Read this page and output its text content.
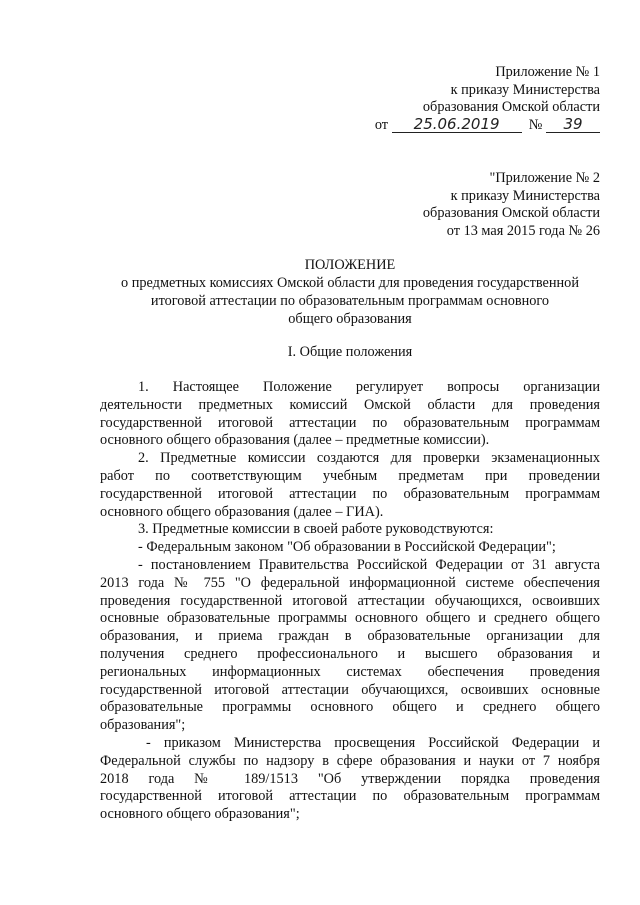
Приложение № 1
к приказу Министерства
образования Омской области
от 25.06.2019 № 39
"Приложение № 2
к приказу Министерства
образования Омской области
от 13 мая 2015 года № 26
ПОЛОЖЕНИЕ
о предметных комиссиях Омской области для проведения государственной
итоговой аттестации по образовательным программам основного
общего образования
I. Общие положения
1. Настоящее Положение регулирует вопросы организации
деятельности предметных комиссий Омской области для проведения
государственной итоговой аттестации по образовательным программам
основного общего образования (далее – предметные комиссии).
2. Предметные комиссии создаются для проверки экзаменационных
работ по соответствующим учебным предметам при проведении
государственной итоговой аттестации по образовательным программам
основного общего образования (далее – ГИА).
3. Предметные комиссии в своей работе руководствуются:
- Федеральным законом "Об образовании в Российской Федерации";
- постановлением Правительства Российской Федерации от 31 августа
2013 года № 755 "О федеральной информационной системе обеспечения
проведения государственной итоговой аттестации обучающихся, освоивших
основные образовательные программы основного общего и среднего общего
образования, и приема граждан в образовательные организации для
получения среднего профессионального и высшего образования и
региональных информационных системах обеспечения проведения
государственной итоговой аттестации обучающихся, освоивших основные
образовательные программы основного общего и среднего общего
образования";
- приказом Министерства просвещения Российской Федерации и
Федеральной службы по надзору в сфере образования и науки от 7 ноября
2018 года № 189/1513 "Об утверждении порядка проведения
государственной итоговой аттестации по образовательным программам
основного общего образования";
